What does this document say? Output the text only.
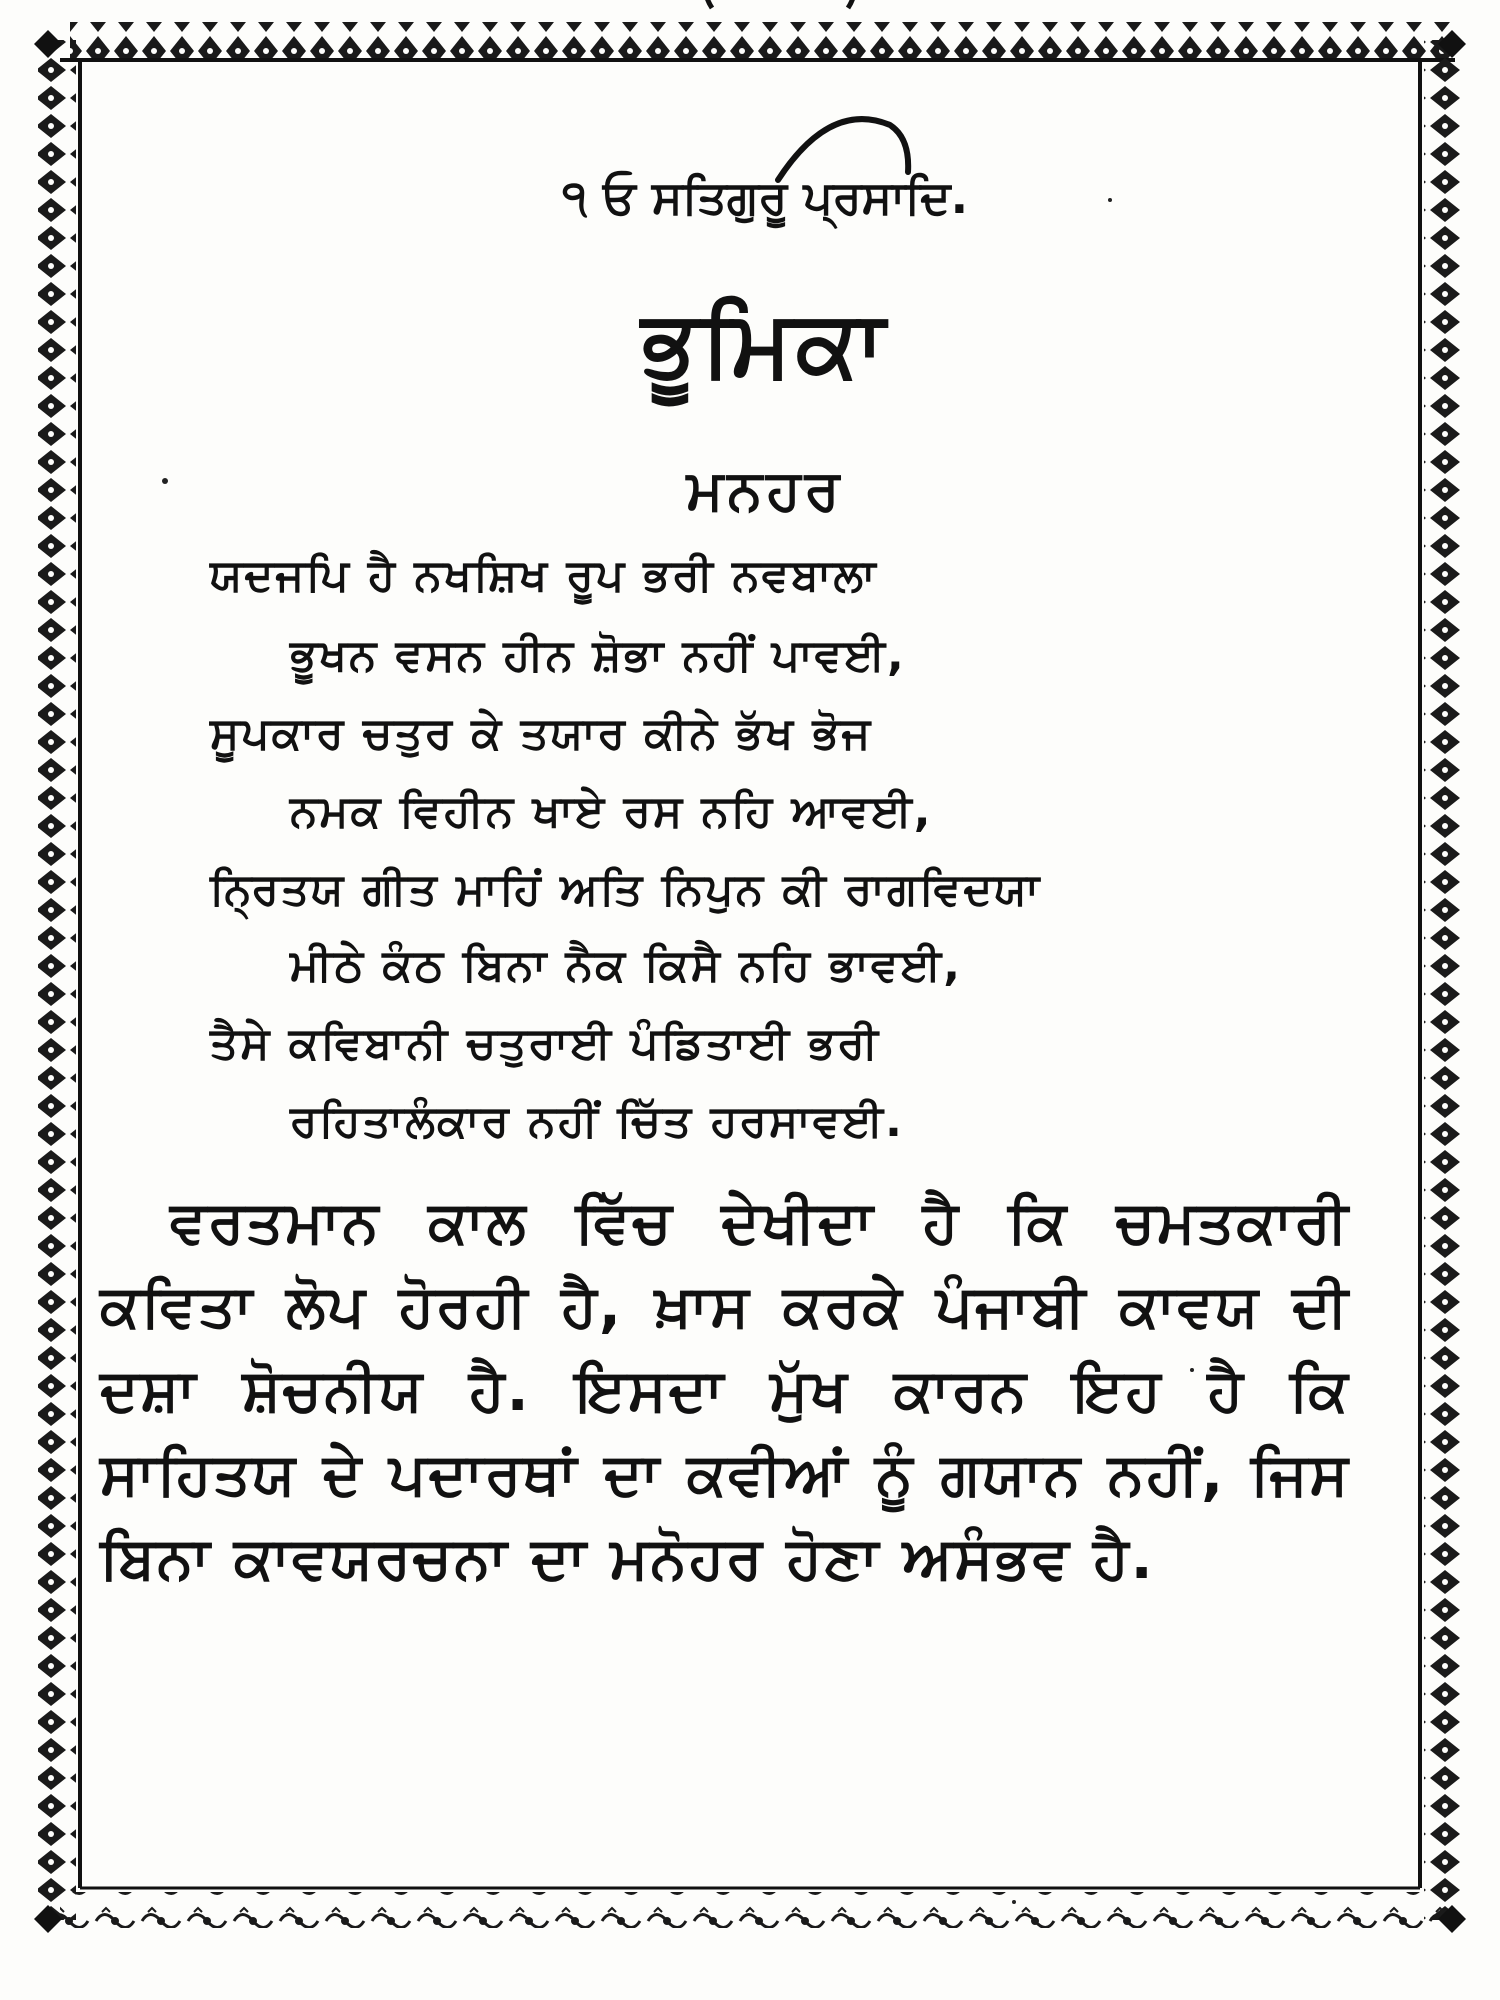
੧ ਓ ਸਤਿਗੁਰੂ ਪ੍ਰਸਾਦਿ.
ਭੂਮਿਕਾ
ਮਨਹਰ
ਯਦਜਪਿ ਹੈ ਨਖਸ਼ਿਖ ਰੂਪ ਭਰੀ ਨਵਬਾਲਾ
ਭੂਖਨ ਵਸਨ ਹੀਨ ਸ਼ੋਭਾ ਨਹੀਂ ਪਾਵਈ,
ਸੂਪਕਾਰ ਚਤੁਰ ਕੇ ਤਯਾਰ ਕੀਨੇ ਭੱਖ ਭੋਜ
ਨਮਕ ਵਿਹੀਨ ਖਾਏ ਰਸ ਨਹਿ ਆਵਈ,
ਨ੍ਰਿਤਯ ਗੀਤ ਮਾਹਿਂ ਅਤਿ ਨਿਪੁਨ ਕੀ ਰਾਗਵਿਦਯਾ
ਮੀਠੇ ਕੰਠ ਬਿਨਾ ਨੈਕ ਕਿਸੈ ਨਹਿ ਭਾਵਈ,
ਤੈਸੇ ਕਵਿਬਾਨੀ ਚਤੁਰਾਈ ਪੰਡਿਤਾਈ ਭਰੀ
ਰਹਿਤਾਲੰਕਾਰ ਨਹੀਂ ਚਿੱਤ ਹਰਸਾਵਈ.
ਵਰਤਮਾਨ ਕਾਲ ਵਿੱਚ ਦੇਖੀਦਾ ਹੈ ਕਿ ਚਮਤਕਾਰੀ ਕਵਿਤਾ ਲੋਪ ਹੋਰਹੀ ਹੈ, ਖ਼ਾਸ ਕਰਕੇ ਪੰਜਾਬੀ ਕਾਵਯ ਦੀ ਦਸ਼ਾ ਸ਼ੋਚਨੀਯ ਹੈ. ਇਸਦਾ ਮੁੱਖ ਕਾਰਨ ਇਹ ਹੈ ਕਿ ਸਾਹਿਤਯ ਦੇ ਪਦਾਰਥਾਂ ਦਾ ਕਵੀਆਂ ਨੂੰ ਗਯਾਨ ਨਹੀਂ, ਜਿਸ ਬਿਨਾ ਕਾਵਯਰਚਨਾ ਦਾ ਮਨੋਹਰ ਹੋਣਾ ਅਸੰਭਵ ਹੈ.
